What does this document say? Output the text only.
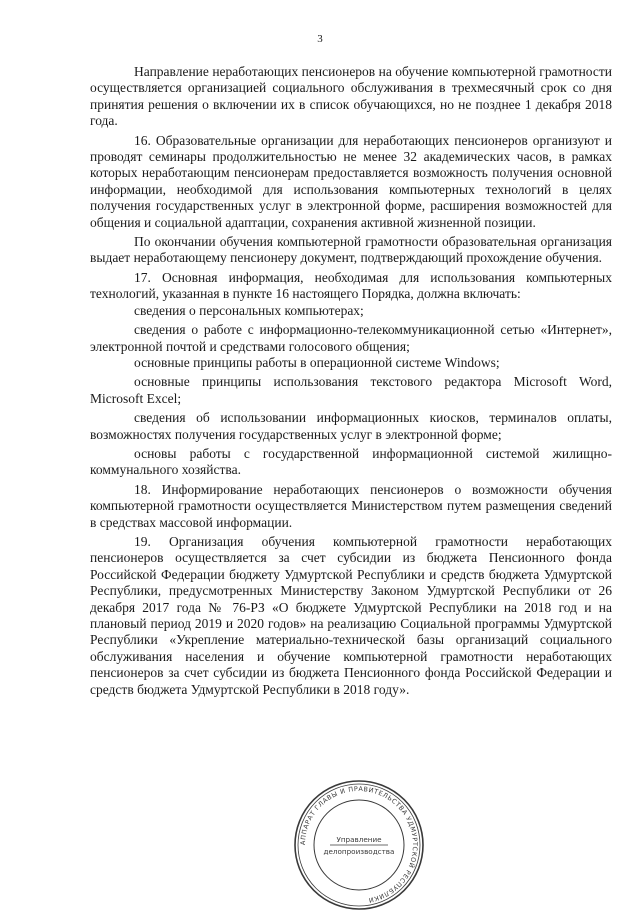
3

Направление неработающих пенсионеров на обучение компьютерной грамотности осуществляется организацией социального обслуживания в трехмесячный срок со дня принятия решения о включении их в список обучающихся, но не позднее 1 декабря 2018 года.

16. Образовательные организации для неработающих пенсионеров организуют и проводят семинары продолжительностью не менее 32 академических часов, в рамках которых неработающим пенсионерам предоставляется возможность получения основной информации, необходимой для использования компьютерных технологий в целях получения государственных услуг в электронной форме, расширения возможностей для общения и социальной адаптации, сохранения активной жизненной позиции.

По окончании обучения компьютерной грамотности образовательная организация выдает неработающему пенсионеру документ, подтверждающий прохождение обучения.

17. Основная информация, необходимая для использования компьютерных технологий, указанная в пункте 16 настоящего Порядка, должна включать:

сведения о персональных компьютерах;

сведения о работе с информационно-телекоммуникационной сетью «Интернет», электронной почтой и средствами голосового общения;

основные принципы работы в операционной системе Windows;

основные принципы использования текстового редактора Microsoft Word, Microsoft Excel;

сведения об использовании информационных киосков, терминалов оплаты, возможностях получения государственных услуг в электронной форме;

основы работы с государственной информационной системой жилищно-коммунального хозяйства.

18. Информирование неработающих пенсионеров о возможности обучения компьютерной грамотности осуществляется Министерством путем размещения сведений в средствах массовой информации.

19. Организация обучения компьютерной грамотности неработающих пенсионеров осуществляется за счет субсидии из бюджета Пенсионного фонда Российской Федерации бюджету Удмуртской Республики и средств бюджета Удмуртской Республики, предусмотренных Министерству Законом Удмуртской Республики от 26 декабря 2017 года № 76-РЗ «О бюджете Удмуртской Республики на 2018 год и на плановый период 2019 и 2020 годов» на реализацию Социальной программы Удмуртской Республики «Укрепление материально-технической базы организаций социального обслуживания населения и обучение компьютерной грамотности неработающих пенсионеров за счет субсидии из бюджета Пенсионного фонда Российской Федерации и средств бюджета Удмуртской Республики в 2018 году».

АППАРАТ ГЛАВЫ И ПРАВИТЕЛЬСТВА УДМУРТСКОЙ РЕСПУБЛИКИ
Управление
делопроизводства
